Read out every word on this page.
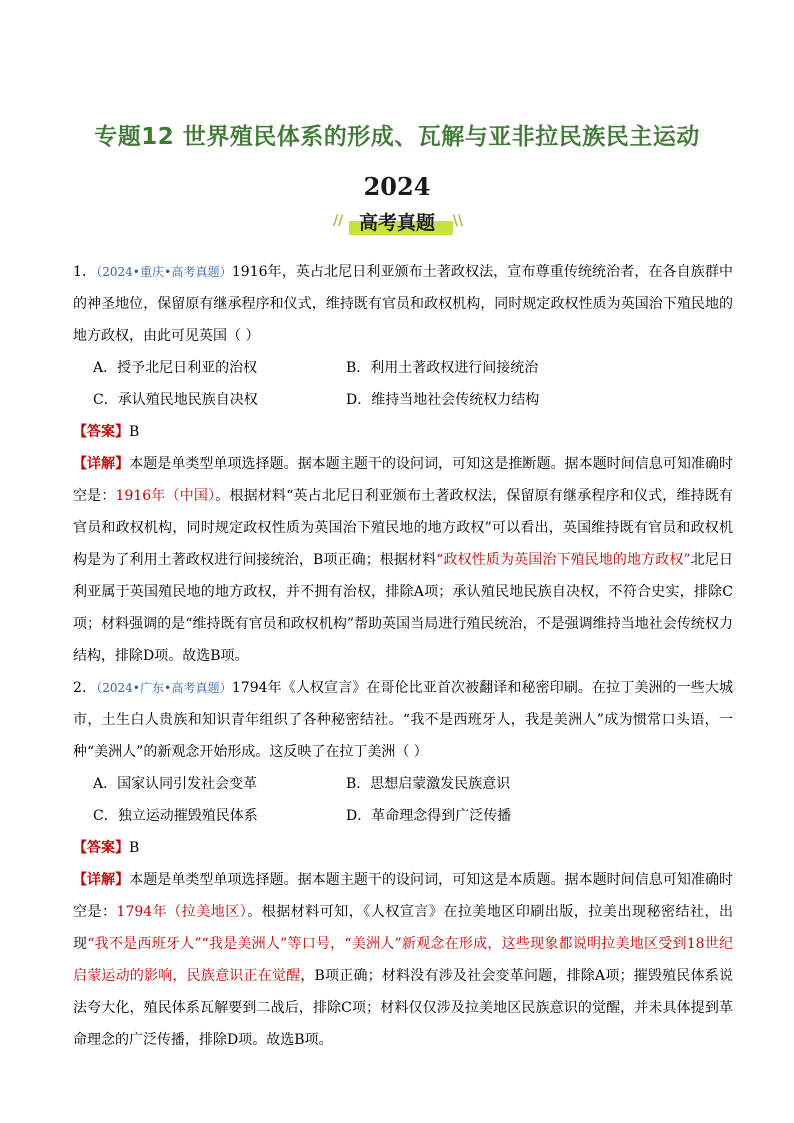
专题12 世界殖民体系的形成、瓦解与亚非拉民族民主运动
2024
// 高考真题	\\

1．（2024•重庆•高考真题）1916年，英占北尼日利亚颁布土著政权法，宣布尊重传统统治者，在各自族群中的神圣地位，保留原有继承程序和仪式，维持既有官员和政权机构，同时规定政权性质为英国治下殖民地的地方政权，由此可见英国（ ）

A．授予北尼日利亚的治权	B．利用土著政权进行间接统治
C．承认殖民地民族自决权	D．维持当地社会传统权力结构

【答案】B

【详解】本题是单类型单项选择题。据本题主题干的设问词，可知这是推断题。据本题时间信息可知准确时空是：1916年（中国）。根据材料“英占北尼日利亚颁布土著政权法，保留原有继承程序和仪式，维持既有官员和政权机构，同时规定政权性质为英国治下殖民地的地方政权”可以看出，英国维持既有官员和政权机构是为了利用土著政权进行间接统治，B项正确；根据材料“政权性质为英国治下殖民地的地方政权”北尼日利亚属于英国殖民地的地方政权，并不拥有治权，排除A项；承认殖民地民族自决权，不符合史实，排除C项；材料强调的是“维持既有官员和政权机构”帮助英国当局进行殖民统治，不是强调维持当地社会传统权力结构，排除D项。故选B项。

2．（2024•广东•高考真题）1794年《人权宣言》在哥伦比亚首次被翻译和秘密印刷。在拉丁美洲的一些大城市，土生白人贵族和知识青年组织了各种秘密结社。“我不是西班牙人，我是美洲人”成为惯常口头语，一种“美洲人”的新观念开始形成。这反映了在拉丁美洲（ ）

A．国家认同引发社会变革	B．思想启蒙激发民族意识
C．独立运动摧毁殖民体系	D．革命理念得到广泛传播

【答案】B

【详解】本题是单类型单项选择题。据本题主题干的设问词，可知这是本质题。据本题时间信息可知准确时空是：1794年（拉美地区）。根据材料可知，《人权宣言》在拉美地区印刷出版，拉美出现秘密结社，出现“我不是西班牙人”“我是美洲人”等口号，“美洲人”新观念在形成，这些现象都说明拉美地区受到18世纪启蒙运动的影响，民族意识正在觉醒，B项正确；材料没有涉及社会变革问题，排除A项；摧毁殖民体系说法夸大化，殖民体系瓦解要到二战后，排除C项；材料仅仅涉及拉美地区民族意识的觉醒，并未具体提到革命理念的广泛传播，排除D项。故选B项。
